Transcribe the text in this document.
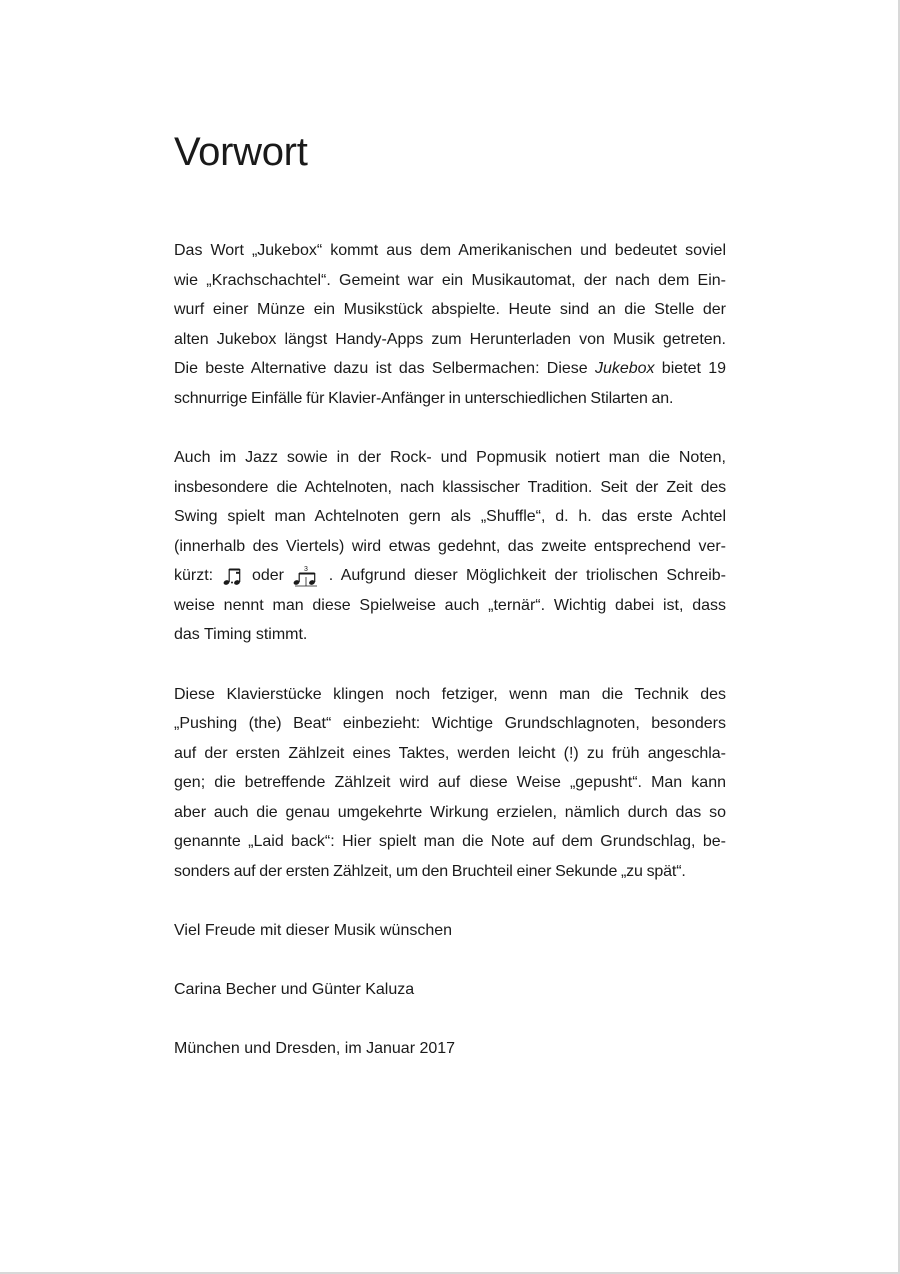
Vorwort

Das Wort „Jukebox“ kommt aus dem Amerikanischen und bedeutet soviel
wie „Krachschachtel“. Gemeint war ein Musikautomat, der nach dem Ein-
wurf einer Münze ein Musikstück abspielte. Heute sind an die Stelle der
alten Jukebox längst Handy-Apps zum Herunterladen von Musik getreten.
Die beste Alternative dazu ist das Selbermachen: Diese Jukebox bietet 19
schnurrige Einfälle für Klavier-Anfänger in unterschiedlichen Stilarten an.

Auch im Jazz sowie in der Rock- und Popmusik notiert man die Noten,
insbesondere die Achtelnoten, nach klassischer Tradition. Seit der Zeit des
Swing spielt man Achtelnoten gern als „Shuffle“, d. h. das erste Achtel
(innerhalb des Viertels) wird etwas gedehnt, das zweite entsprechend ver-
kürzt: oder	3 . Aufgrund dieser Möglichkeit der triolischen Schreib-
weise nennt man diese Spielweise auch „ternär“. Wichtig dabei ist, dass
das Timing stimmt.

Diese Klavierstücke klingen noch fetziger, wenn man die Technik des
„Pushing (the) Beat“ einbezieht: Wichtige Grundschlagnoten, besonders
auf der ersten Zählzeit eines Taktes, werden leicht (!) zu früh angeschla-
gen; die betreffende Zählzeit wird auf diese Weise „gepusht“. Man kann
aber auch die genau umgekehrte Wirkung erzielen, nämlich durch das so
genannte „Laid back“: Hier spielt man die Note auf dem Grundschlag, be-
sonders auf der ersten Zählzeit, um den Bruchteil einer Sekunde „zu spät“.

Viel Freude mit dieser Musik wünschen

Carina Becher und Günter Kaluza

München und Dresden, im Januar 2017
